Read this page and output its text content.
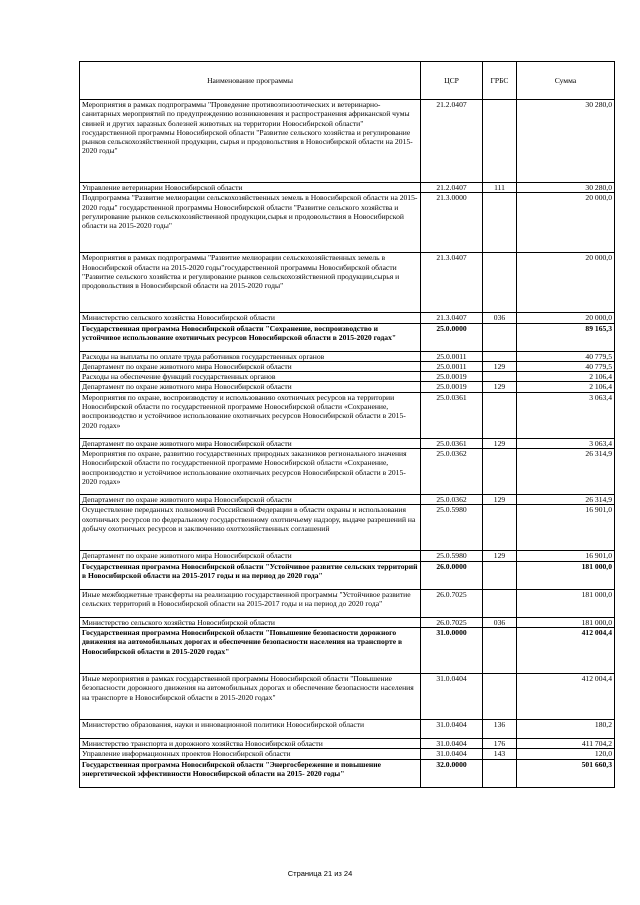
Наименование программы	ЦСР	ГРБС	Сумма
Мероприятия в рамках подпрограммы "Проведение противоэпизоотических и ветеринарно-санитарных мероприятий по предупреждению возникновения и распространения африканской чумы свиней и других заразных болезней животных на территории Новосибирской области" государственной программы Новосибирской области "Развитие сельского хозяйства и регулирование рынков сельскохозяйственной продукции, сырья и продовольствия в Новосибирской области на 2015-2020 годы"	21.2.0407		30 280,0
Управление ветеринарии Новосибирской области	21.2.0407	111	30 280,0
Подпрограмма "Развитие мелиорации сельскохозяйственных земель в Новосибирской области на 2015-2020 годы" государственной программы Новосибирской области "Развитие сельского хозяйства и регулирование рынков сельскохозяйственной продукции,сырья и продовольствия в Новосибирской области на 2015-2020 годы"	21.3.0000		20 000,0
Мероприятия в рамках подпрограммы "Развитие мелиорации сельскохозяйственных земель в Новосибирской области на 2015-2020 годы"государственной программы Новосибирской области "Развитие сельского хозяйства и регулирование рынков сельскохозяйственной продукции,сырья и продовольствия в Новосибирской области на 2015-2020 годы"	21.3.0407		20 000,0
Министерство сельского хозяйства Новосибирской области	21.3.0407	036	20 000,0
Государственная программа Новосибирской области "Сохранение, воспроизводство и устойчивое использование охотничьих ресурсов Новосибирской области в 2015-2020 годах"	25.0.0000		89 165,3
Расходы на выплаты по оплате труда работников государственных органов	25.0.0011		40 779,5
Департамент по охране животного мира Новосибирской области	25.0.0011	129	40 779,5
Расходы на обеспечение функций государственных органов	25.0.0019		2 106,4
Департамент по охране животного мира Новосибирской области	25.0.0019	129	2 106,4
Мероприятия по охране, воспроизводству и использованию охотничьих ресурсов на территории Новосибирской области по государственной программе Новосибирской области «Сохранение, воспроизводство и устойчивое использование охотничьих ресурсов Новосибирской области в 2015-2020 годах»	25.0.0361		3 063,4
Департамент по охране животного мира Новосибирской области	25.0.0361	129	3 063,4
Мероприятия по охране, развитию государственных природных заказников регионального значения Новосибирской области по государственной программе Новосибирской области «Сохранение, воспроизводство и устойчивое использование охотничьих ресурсов Новосибирской области в 2015-2020 годах»	25.0.0362		26 314,9
Департамент по охране животного мира Новосибирской области	25.0.0362	129	26 314,9
Осуществление переданных полномочий Российской Федерации в области охраны и использования охотничьих ресурсов по федеральному государственному охотничьему надзору, выдаче разрешений на добычу охотничьих ресурсов и заключению охотхозяйственных соглашений	25.0.5980		16 901,0
Департамент по охране животного мира Новосибирской области	25.0.5980	129	16 901,0
Государственная программа Новосибирской области "Устойчивое развитие сельских территорий в Новосибирской области на 2015-2017 годы и на период до 2020 года"	26.0.0000		181 000,0
Иные межбюджетные трансферты на реализацию государственной программы "Устойчивое развитие сельских территорий в Новосибирской области на 2015-2017 годы и на период до 2020 года"	26.0.7025		181 000,0
Министерство сельского хозяйства Новосибирской области	26.0.7025	036	181 000,0
Государственная программа Новосибирской области "Повышение безопасности дорожного движения на автомобильных дорогах и обеспечение безопасности населения на транспорте в Новосибирской области в 2015-2020 годах"	31.0.0000		412 004,4
Иные мероприятия в рамках государственной программы Новосибирской области "Повышение безопасности дорожного движения на автомобильных дорогах и обеспечение безопасности населения на транспорте в Новосибирской области в 2015-2020 годах"	31.0.0404		412 004,4
Министерство образования, науки и инновационной политики Новосибирской области	31.0.0404	136	180,2
Министерство транспорта и дорожного хозяйства Новосибирской области	31.0.0404	176	411 704,2
Управление информационных проектов Новосибирской области	31.0.0404	143	120,0
Государственная программа Новосибирской области "Энергосбережение и повышение энергетической эффективности Новосибирской области на 2015- 2020 годы"	32.0.0000		501 660,3
Страница 21 из 24
